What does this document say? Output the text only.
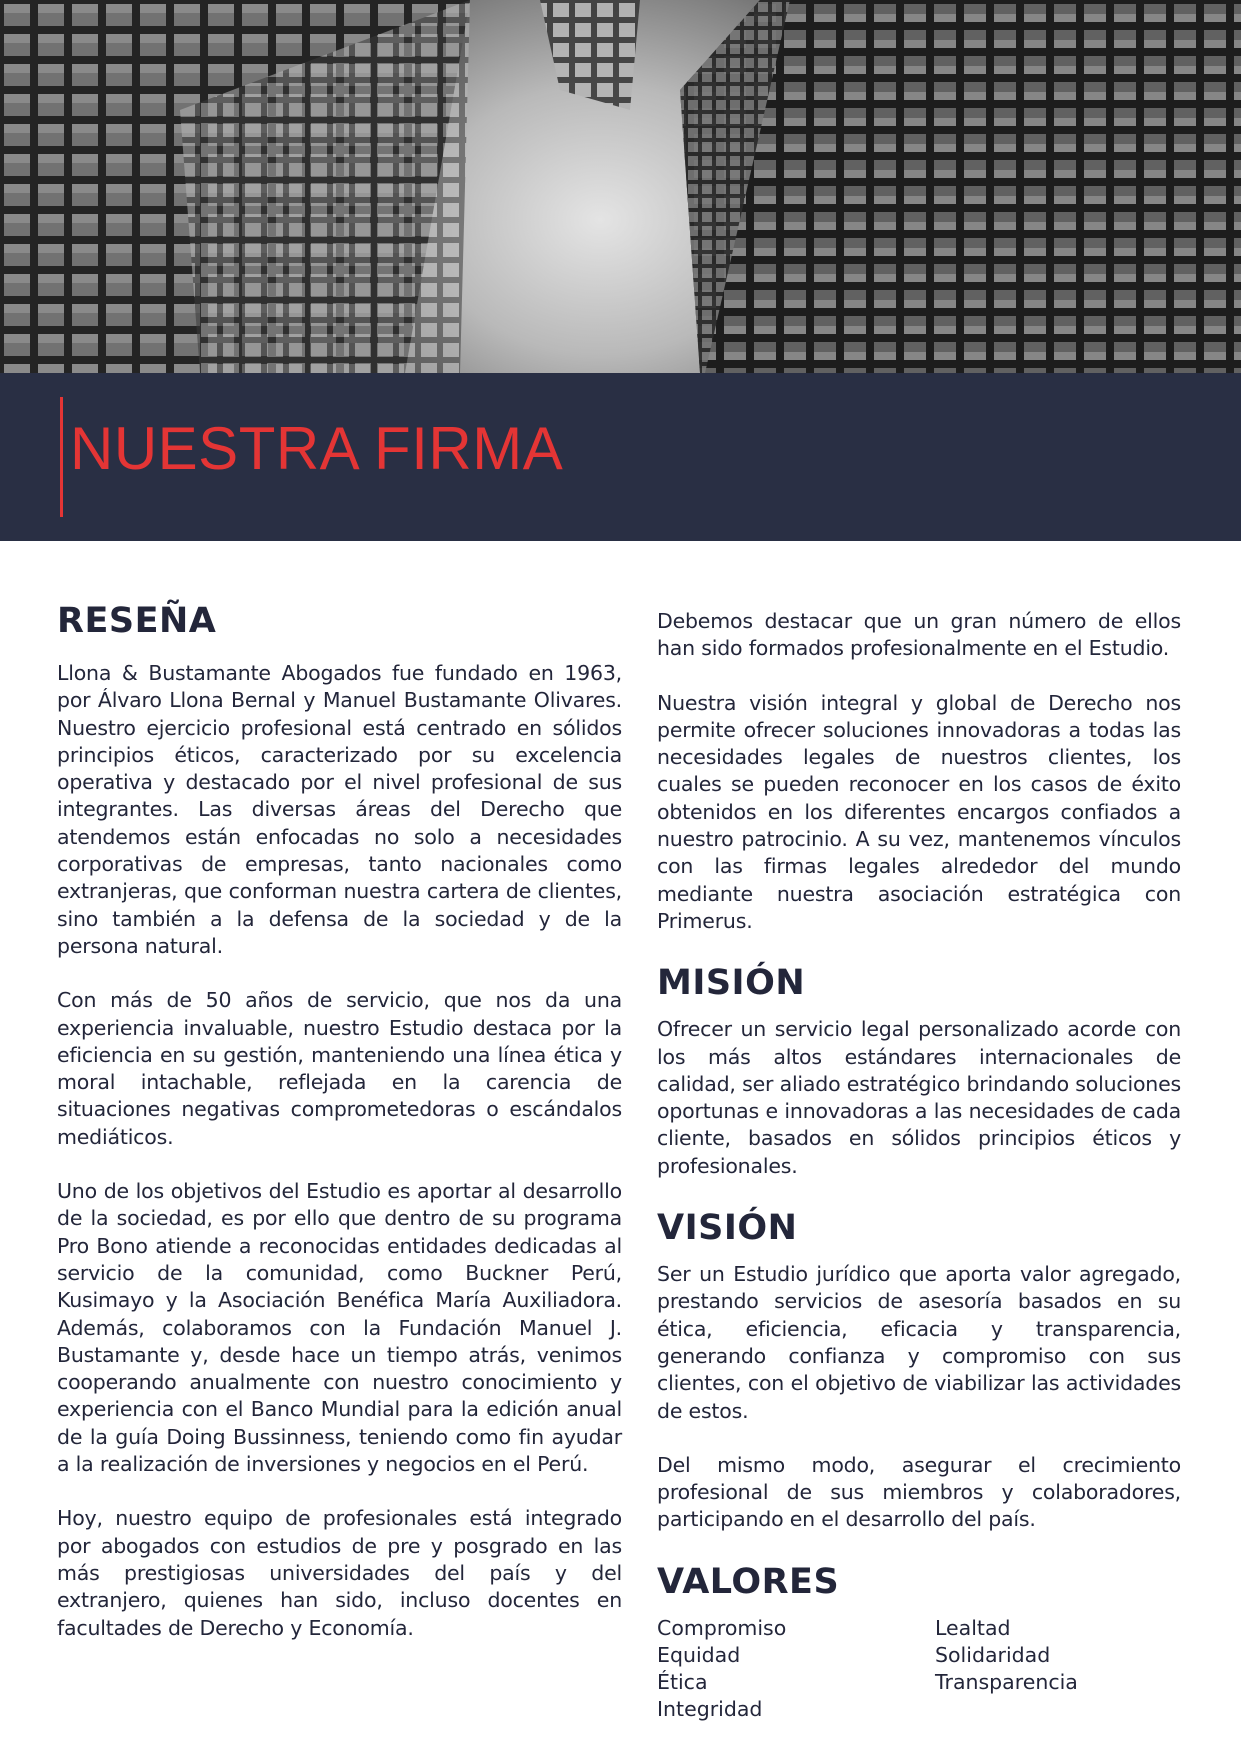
NUESTRA FIRMA
RESEÑA

Llona & Bustamante Abogados fue fundado en 1963, por Álvaro Llona Bernal y Manuel Bustamante Olivares. Nuestro ejercicio profesional está centrado en sólidos principios éticos, caracterizado por su excelencia operativa y destacado por el nivel profesional de sus integrantes. Las diversas áreas del Derecho que atendemos están enfocadas no solo a necesidades corporativas de empresas, tanto nacionales como extranjeras, que conforman nuestra cartera de clientes, sino también a la defensa de la sociedad y de la persona natural.

Con más de 50 años de servicio, que nos da una experiencia invaluable, nuestro Estudio destaca por la eficiencia en su gestión, manteniendo una línea ética y moral intachable, reflejada en la carencia de situaciones negativas comprometedoras o escándalos mediáticos.

Uno de los objetivos del Estudio es aportar al desarrollo de la sociedad, es por ello que dentro de su programa Pro Bono atiende a reconocidas entidades dedicadas al servicio de la comunidad, como Buckner Perú, Kusimayo y la Asociación Benéfica María Auxiliadora. Además, colaboramos con la Fundación Manuel J. Bustamante y, desde hace un tiempo atrás, venimos cooperando anualmente con nuestro conocimiento y experiencia con el Banco Mundial para la edición anual de la guía Doing Bussinness, teniendo como fin ayudar a la realización de inversiones y negocios en el Perú.

Hoy, nuestro equipo de profesionales está integrado por abogados con estudios de pre y posgrado en las más prestigiosas universidades del país y del extranjero, quienes han sido, incluso docentes en facultades de Derecho y Economía.

Debemos destacar que un gran número de ellos han sido formados profesionalmente en el Estudio.

Nuestra visión integral y global de Derecho nos permite ofrecer soluciones innovadoras a todas las necesidades legales de nuestros clientes, los cuales se pueden reconocer en los casos de éxito obtenidos en los diferentes encargos confiados a nuestro patrocinio. A su vez, mantenemos vínculos con las firmas legales alrededor del mundo mediante nuestra asociación estratégica con Primerus.

MISIÓN

Ofrecer un servicio legal personalizado acorde con los más altos estándares internacionales de calidad, ser aliado estratégico brindando soluciones oportunas e innovadoras a las necesidades de cada cliente, basados en sólidos principios éticos y profesionales.

VISIÓN

Ser un Estudio jurídico que aporta valor agregado, prestando servicios de asesoría basados en su ética, eficiencia, eficacia y transparencia, generando confianza y compromiso con sus clientes, con el objetivo de viabilizar las actividades de estos.

Del mismo modo, asegurar el crecimiento profesional de sus miembros y colaboradores, participando en el desarrollo del país.

VALORES
Compromiso	Lealtad
Equidad	Solidaridad
Ética	Transparencia
Integridad
